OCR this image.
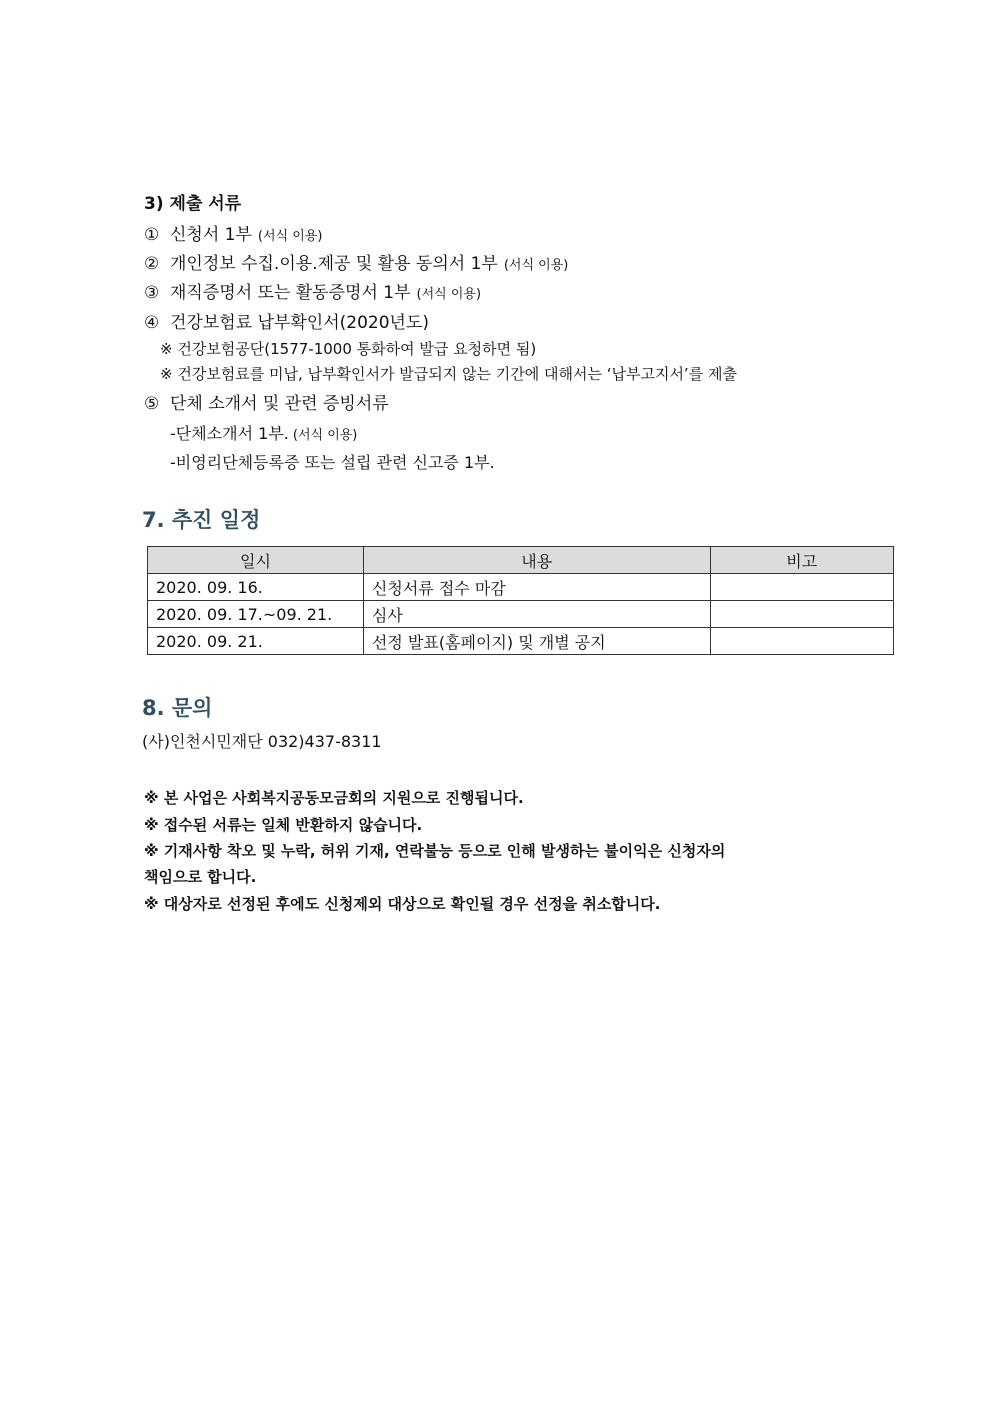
3) 제출 서류
① 신청서 1부 (서식 이용)
② 개인정보 수집.이용.제공 및 활용 동의서 1부 (서식 이용)
③ 재직증명서 또는 활동증명서 1부 (서식 이용)
④ 건강보험료 납부확인서(2020년도)
※ 건강보험공단(1577-1000 통화하여 발급 요청하면 됨)
※ 건강보험료를 미납, 납부확인서가 발급되지 않는 기간에 대해서는 ‘납부고지서’를 제출
⑤ 단체 소개서 및 관련 증빙서류
-단체소개서 1부. (서식 이용)
-비영리단체등록증 또는 설립 관련 신고증 1부.
7. 추진 일정
일시	내용	비고
2020. 09. 16.	신청서류 접수 마감	
2020. 09. 17.~09. 21.	심사	
2020. 09. 21.	선정 발표(홈페이지) 및 개별 공지	
8. 문의
(사)인천시민재단 032)437-8311
※ 본 사업은 사회복지공동모금회의 지원으로 진행됩니다.
※ 접수된 서류는 일체 반환하지 않습니다.
※ 기재사항 착오 및 누락, 허위 기재, 연락불능 등으로 인해 발생하는 불이익은 신청자의
책임으로 합니다.
※ 대상자로 선정된 후에도 신청제외 대상으로 확인될 경우 선정을 취소합니다.
